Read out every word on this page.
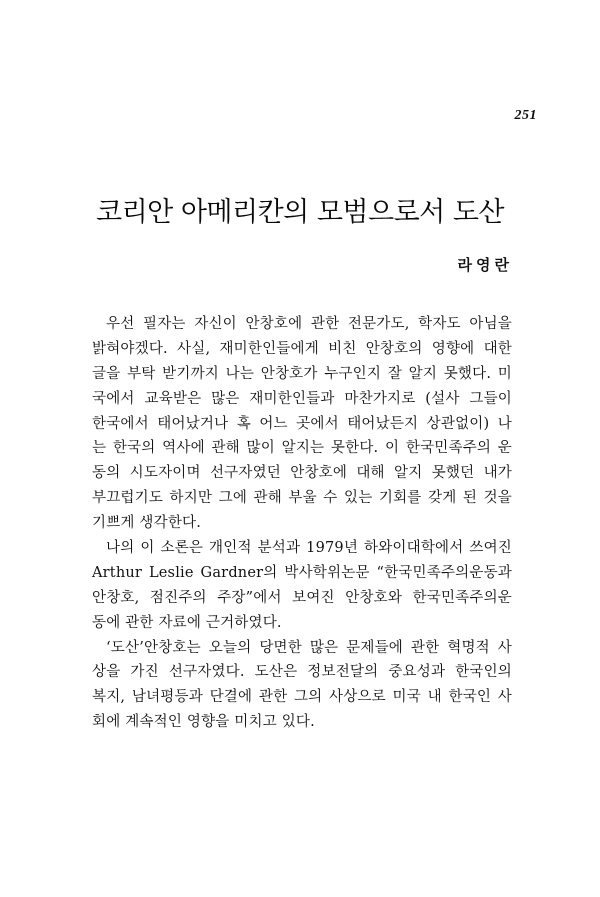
251
코리안 아메리칸의 모범으로서 도산
라영란
우선 필자는 자신이 안창호에 관한 전문가도, 학자도 아님을
밝혀야겠다. 사실, 재미한인들에게 비친 안창호의 영향에 대한
글을 부탁 받기까지 나는 안창호가 누구인지 잘 알지 못했다. 미
국에서 교육받은 많은 재미한인들과 마찬가지로 (설사 그들이
한국에서 태어났거나 혹 어느 곳에서 태어났든지 상관없이) 나
는 한국의 역사에 관해 많이 알지는 못한다. 이 한국민족주의 운
동의 시도자이며 선구자였던 안창호에 대해 알지 못했던 내가
부끄럽기도 하지만 그에 관해 부울 수 있는 기회를 갖게 된 것을
기쁘게 생각한다.
나의 이 소론은 개인적 분석과 1979년 하와이대학에서 쓰여진
Arthur Leslie Gardner의 박사학위논문 “한국민족주의운동과
안창호, 점진주의 주장”에서 보여진 안창호와 한국민족주의운
동에 관한 자료에 근거하였다.
‘도산’안창호는 오늘의 당면한 많은 문제들에 관한 혁명적 사
상을 가진 선구자였다. 도산은 정보전달의 중요성과 한국인의
복지, 남녀평등과 단결에 관한 그의 사상으로 미국 내 한국인 사
회에 계속적인 영향을 미치고 있다.
